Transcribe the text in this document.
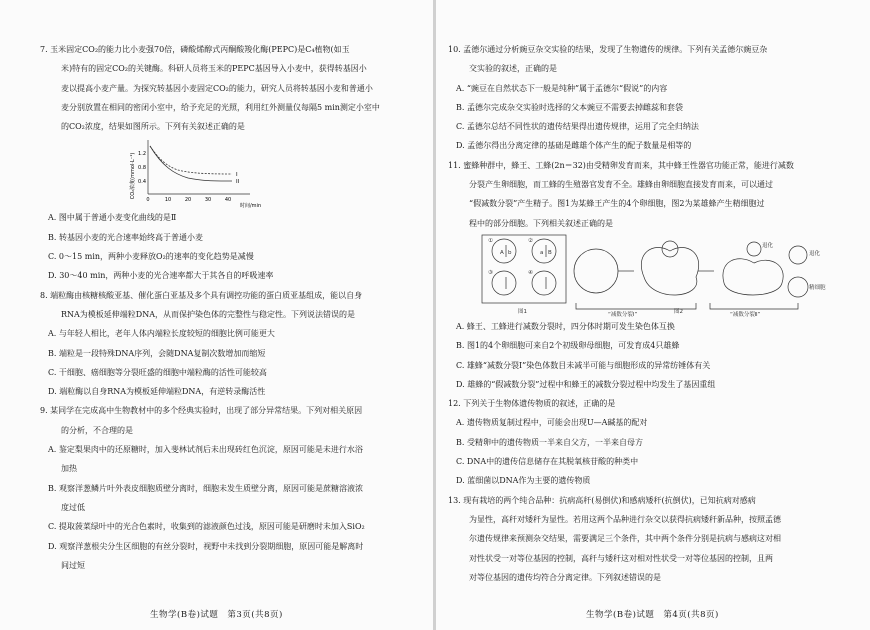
7. 玉米固定CO₂的能力比小麦强70倍，磷酸烯醇式丙酮酸羧化酶(PEPC)是C₄植物(如玉
米)特有的固定CO₂的关键酶。科研人员将玉米的PEPC基因导入小麦中，获得转基因小
麦以提高小麦产量。为探究转基因小麦固定CO₂的能力，研究人员将转基因小麦和普通小
麦分别放置在相同的密闭小室中，给予充足的光照，利用红外测量仪每隔5 min测定小室中
的CO₂浓度，结果如图所示。下列有关叙述正确的是
CO₂浓度(mmol·L⁻¹) 0.4
0.8
1.2
0	10	20	30	40
时间/min
I
II
A. 图中属于普通小麦变化曲线的是Ⅱ
B. 转基因小麦的光合速率始终高于普通小麦
C. 0～15 min，两种小麦释放O₂的速率的变化趋势是减慢
D. 30～40 min，两种小麦的光合速率都大于其各自的呼吸速率
8. 端粒酶由核糖核酸亚基、催化蛋白亚基及多个具有调控功能的蛋白质亚基组成，能以自身
RNA为模板延伸端粒DNA，从而保护染色体的完整性与稳定性。下列说法错误的是
A. 与年轻人相比，老年人体内端粒长度较短的细胞比例可能更大
B. 端粒是一段特殊DNA序列，会随DNA复制次数增加而缩短
C. 干细胞、癌细胞等分裂旺盛的细胞中端粒酶的活性可能较高
D. 端粒酶以自身RNA为模板延伸端粒DNA，有逆转录酶活性
9. 某同学在完成高中生物教材中的多个经典实验时，出现了部分异常结果。下列对相关原因
的分析，不合理的是
A. 鉴定梨果肉中的还原糖时，加入斐林试剂后未出现砖红色沉淀，原因可能是未进行水浴
加热
B. 观察洋葱鳞片叶外表皮细胞质壁分离时，细胞未发生质壁分离，原因可能是蔗糖溶液浓
度过低
C. 提取菠菜绿叶中的光合色素时，收集到的滤液颜色过浅，原因可能是研磨时未加入SiO₂
D. 观察洋葱根尖分生区细胞的有丝分裂时，视野中未找到分裂期细胞，原因可能是解离时
间过短
生物学(B卷)试题　第3页(共8页)
10. 孟德尔通过分析豌豆杂交实验的结果，发现了生物遗传的规律。下列有关孟德尔豌豆杂
交实验的叙述，正确的是
A. “豌豆在自然状态下一般是纯种”属于孟德尔“假说”的内容
B. 孟德尔完成杂交实验时选择的父本豌豆不需要去掉雌蕊和套袋
C. 孟德尔总结不同性状的遗传结果得出遗传规律，运用了完全归纳法
D. 孟德尔得出分离定律的基础是雌雄个体产生的配子数量是相等的
11. 蜜蜂种群中，蜂王、工蜂(2n＝32)由受精卵发育而来，其中蜂王性器官功能正常，能进行减数
分裂产生卵细胞，而工蜂的生殖器官发育不全。雄蜂由卵细胞直接发育而来，可以通过
“假减数分裂”产生精子。图1为某蜂王产生的4个卵细胞，图2为某雄蜂产生精细胞过
程中的部分细胞。下列相关叙述正确的是
①	②
③	④
A b	a B
退化
退化
精细胞
“减数分裂Ⅰ”	“减数分裂Ⅱ”
图1	图2
A. 蜂王、工蜂进行减数分裂时，四分体时期可发生染色体互换
B. 图1的4个卵细胞可来自2个初级卵母细胞，可发育成4只雄蜂
C. 雄蜂“减数分裂Ⅰ”染色体数目未减半可能与细胞形成的异常纺锤体有关
D. 雄蜂的“假减数分裂”过程中和蜂王的减数分裂过程中均发生了基因重组
12. 下列关于生物体遗传物质的叙述，正确的是
A. 遗传物质复制过程中，可能会出现U—A碱基的配对
B. 受精卵中的遗传物质一半来自父方，一半来自母方
C. DNA中的遗传信息储存在其脱氧核苷酸的种类中
D. 蓝细菌以DNA作为主要的遗传物质
13. 现有栽培的两个纯合品种：抗病高秆(易倒伏)和感病矮秆(抗倒伏)，已知抗病对感病
为显性，高秆对矮秆为显性。若用这两个品种进行杂交以获得抗病矮秆新品种，按照孟德
尔遗传规律来预测杂交结果，需要满足三个条件，其中两个条件分别是抗病与感病这对相
对性状受一对等位基因的控制，高秆与矮秆这对相对性状受一对等位基因的控制，且两
对等位基因的遗传均符合分离定律。下列叙述错误的是
生物学(B卷)试题　第4页(共8页)
